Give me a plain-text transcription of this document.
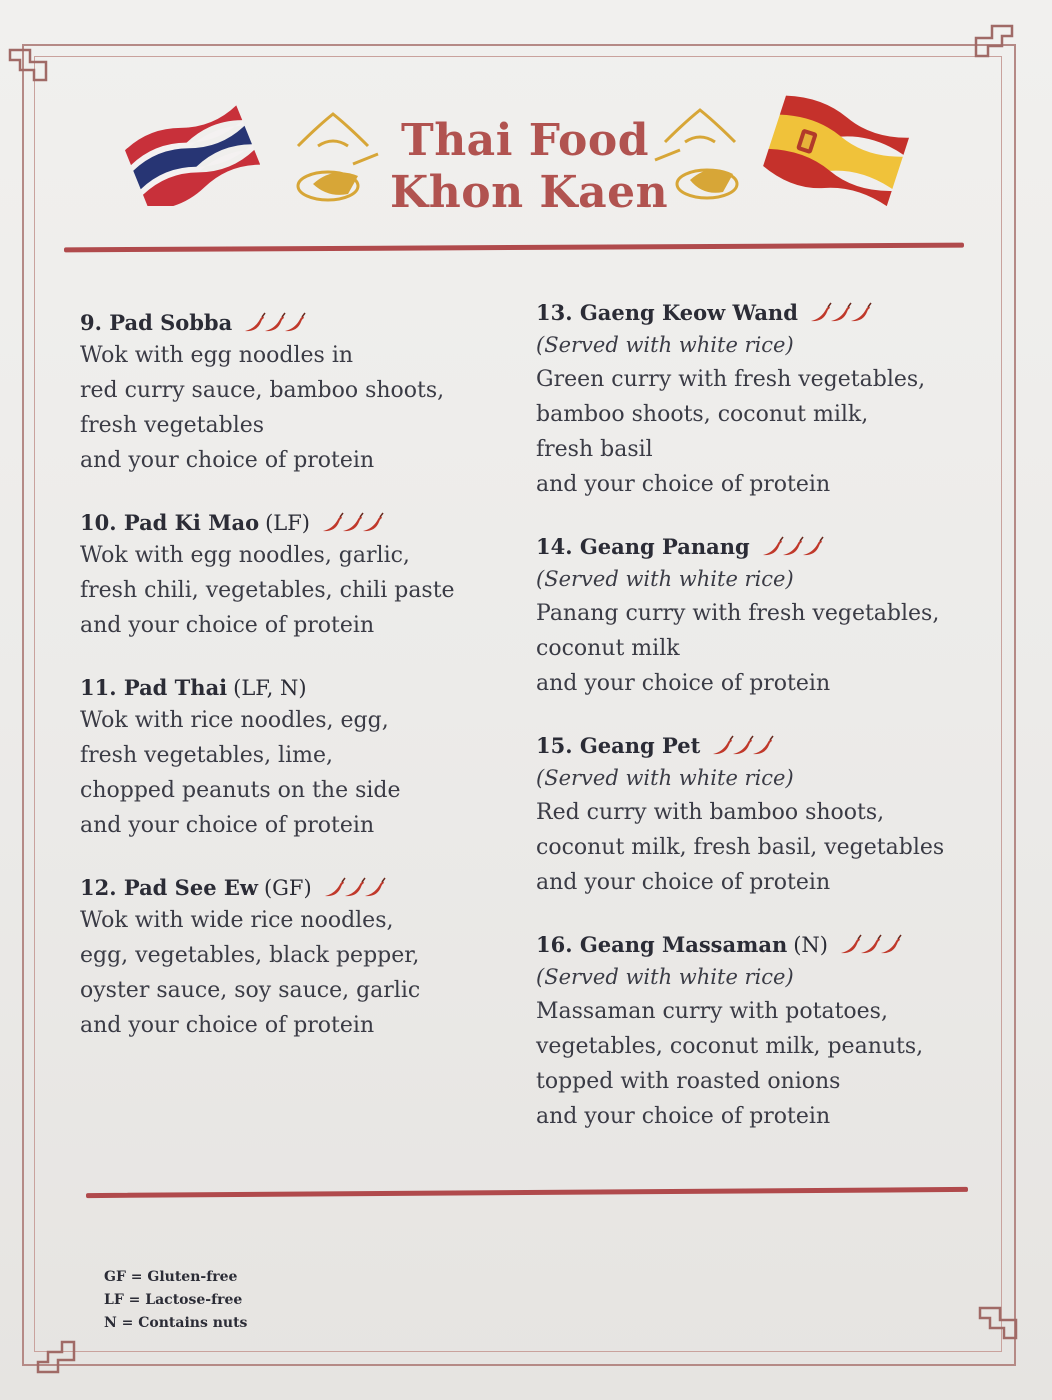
Thai Food
Khon Kaen
9. Pad Sobba
Wok with egg noodles in
red curry sauce, bamboo shoots,
fresh vegetables
and your choice of protein
10. Pad Ki Mao (LF)
Wok with egg noodles, garlic,
fresh chili, vegetables, chili paste
and your choice of protein
11. Pad Thai (LF, N)
Wok with rice noodles, egg,
fresh vegetables, lime,
chopped peanuts on the side
and your choice of protein
12. Pad See Ew (GF)
Wok with wide rice noodles,
egg, vegetables, black pepper,
oyster sauce, soy sauce, garlic
and your choice of protein
13. Gaeng Keow Wand
(Served with white rice)
Green curry with fresh vegetables,
bamboo shoots, coconut milk,
fresh basil
and your choice of protein
14. Geang Panang
(Served with white rice)
Panang curry with fresh vegetables,
coconut milk
and your choice of protein
15. Geang Pet
(Served with white rice)
Red curry with bamboo shoots,
coconut milk, fresh basil, vegetables
and your choice of protein
16. Geang Massaman (N)
(Served with white rice)
Massaman curry with potatoes,
vegetables, coconut milk, peanuts,
topped with roasted onions
and your choice of protein
GF = Gluten-free
LF = Lactose-free
N = Contains nuts
